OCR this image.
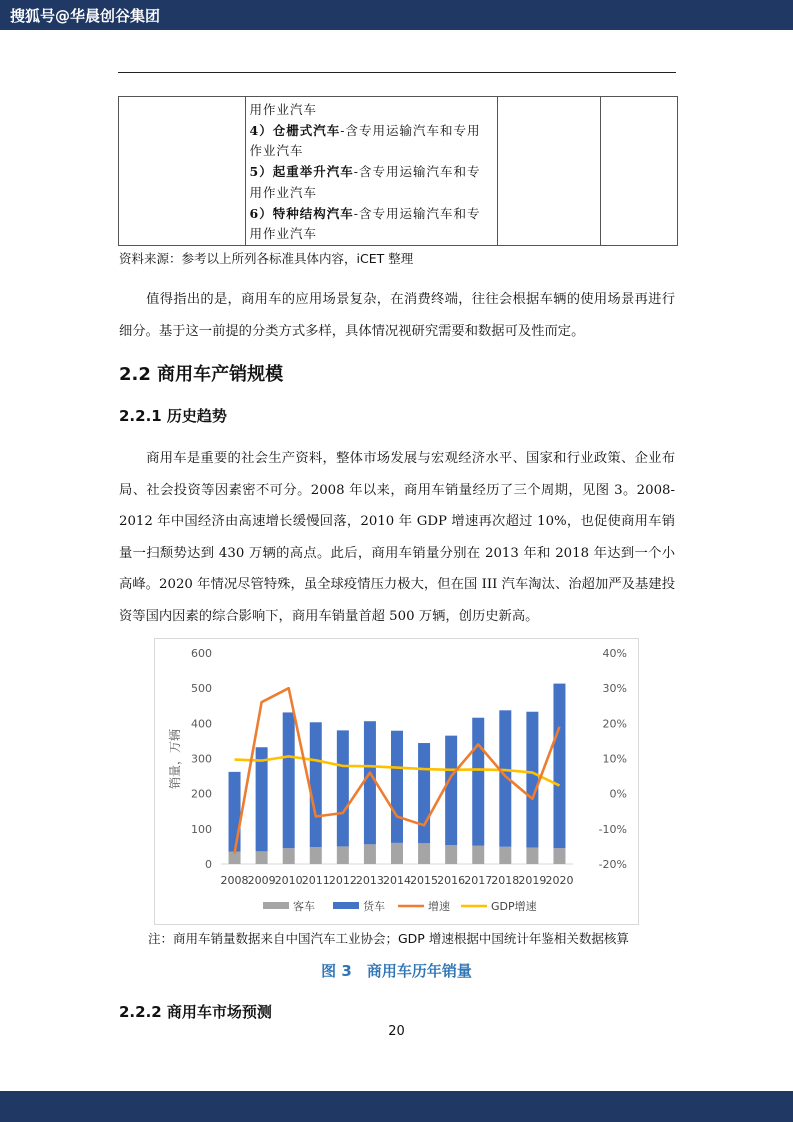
搜狐号@华晨创谷集团

用作业汽车
4）仓栅式汽车-含专用运输汽车和专用
作业汽车
5）起重举升汽车-含专用运输汽车和专
用作业汽车
6）特种结构汽车-含专用运输汽车和专
用作业汽车

资料来源：参考以上所列各标准具体内容，iCET 整理
　　值得指出的是，商用车的应用场景复杂，在消费终端，往往会根据车辆的使用场景再进行细分。基于这一前提的分类方式多样，具体情况视研究需要和数据可及性而定。
2.2 商用车产销规模
2.2.1 历史趋势
　　商用车是重要的社会生产资料，整体市场发展与宏观经济水平、国家和行业政策、企业布局、社会投资等因素密不可分。2008 年以来，商用车销量经历了三个周期，见图 3。2008-2012 年中国经济由高速增长缓慢回落，2010 年 GDP 增速再次超过 10%，也促使商用车销量一扫颓势达到 430 万辆的高点。此后，商用车销量分别在 2013 年和 2018 年达到一个小高峰。2020 年情况尽管特殊，虽全球疫情压力极大，但在国 III 汽车淘汰、治超加严及基建投资等国内因素的综合影响下，商用车销量首超 500 万辆，创历史新高。
0
100
200
300
400
500
600
-20%
-10%
0%
10%
20%
30%
40%
销量，万辆
2008 2009 2010 2011 2012 2013 2014 2015 2016 2017 2018 2019 2020
客车	货车	增速	GDP增速
注：商用车销量数据来自中国汽车工业协会；GDP 增速根据中国统计年鉴相关数据核算
图 3　商用车历年销量
2.2.2 商用车市场预测
20
